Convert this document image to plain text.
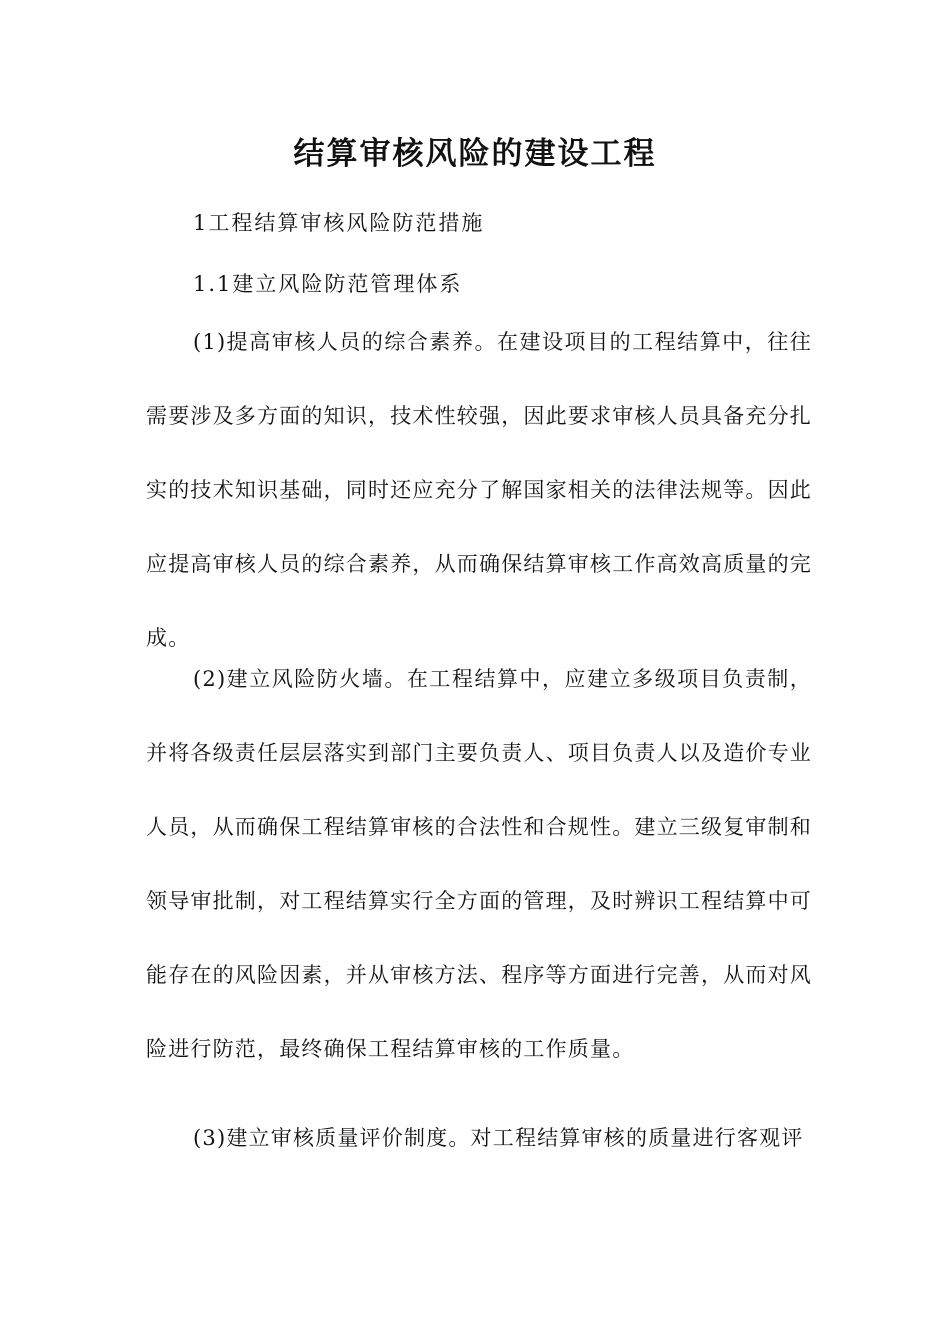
结算审核风险的建设工程

1工程结算审核风险防范措施

1.1建立风险防范管理体系

(1)提高审核人员的综合素养。在建设项目的工程结算中，往往需要涉及多方面的知识，技术性较强，因此要求审核人员具备充分扎实的技术知识基础，同时还应充分了解国家相关的法律法规等。因此应提高审核人员的综合素养，从而确保结算审核工作高效高质量的完成。

(2)建立风险防火墙。在工程结算中，应建立多级项目负责制，并将各级责任层层落实到部门主要负责人、项目负责人以及造价专业人员，从而确保工程结算审核的合法性和合规性。建立三级复审制和领导审批制，对工程结算实行全方面的管理，及时辨识工程结算中可能存在的风险因素，并从审核方法、程序等方面进行完善，从而对风险进行防范，最终确保工程结算审核的工作质量。

(3)建立审核质量评价制度。对工程结算审核的质量进行客观评
